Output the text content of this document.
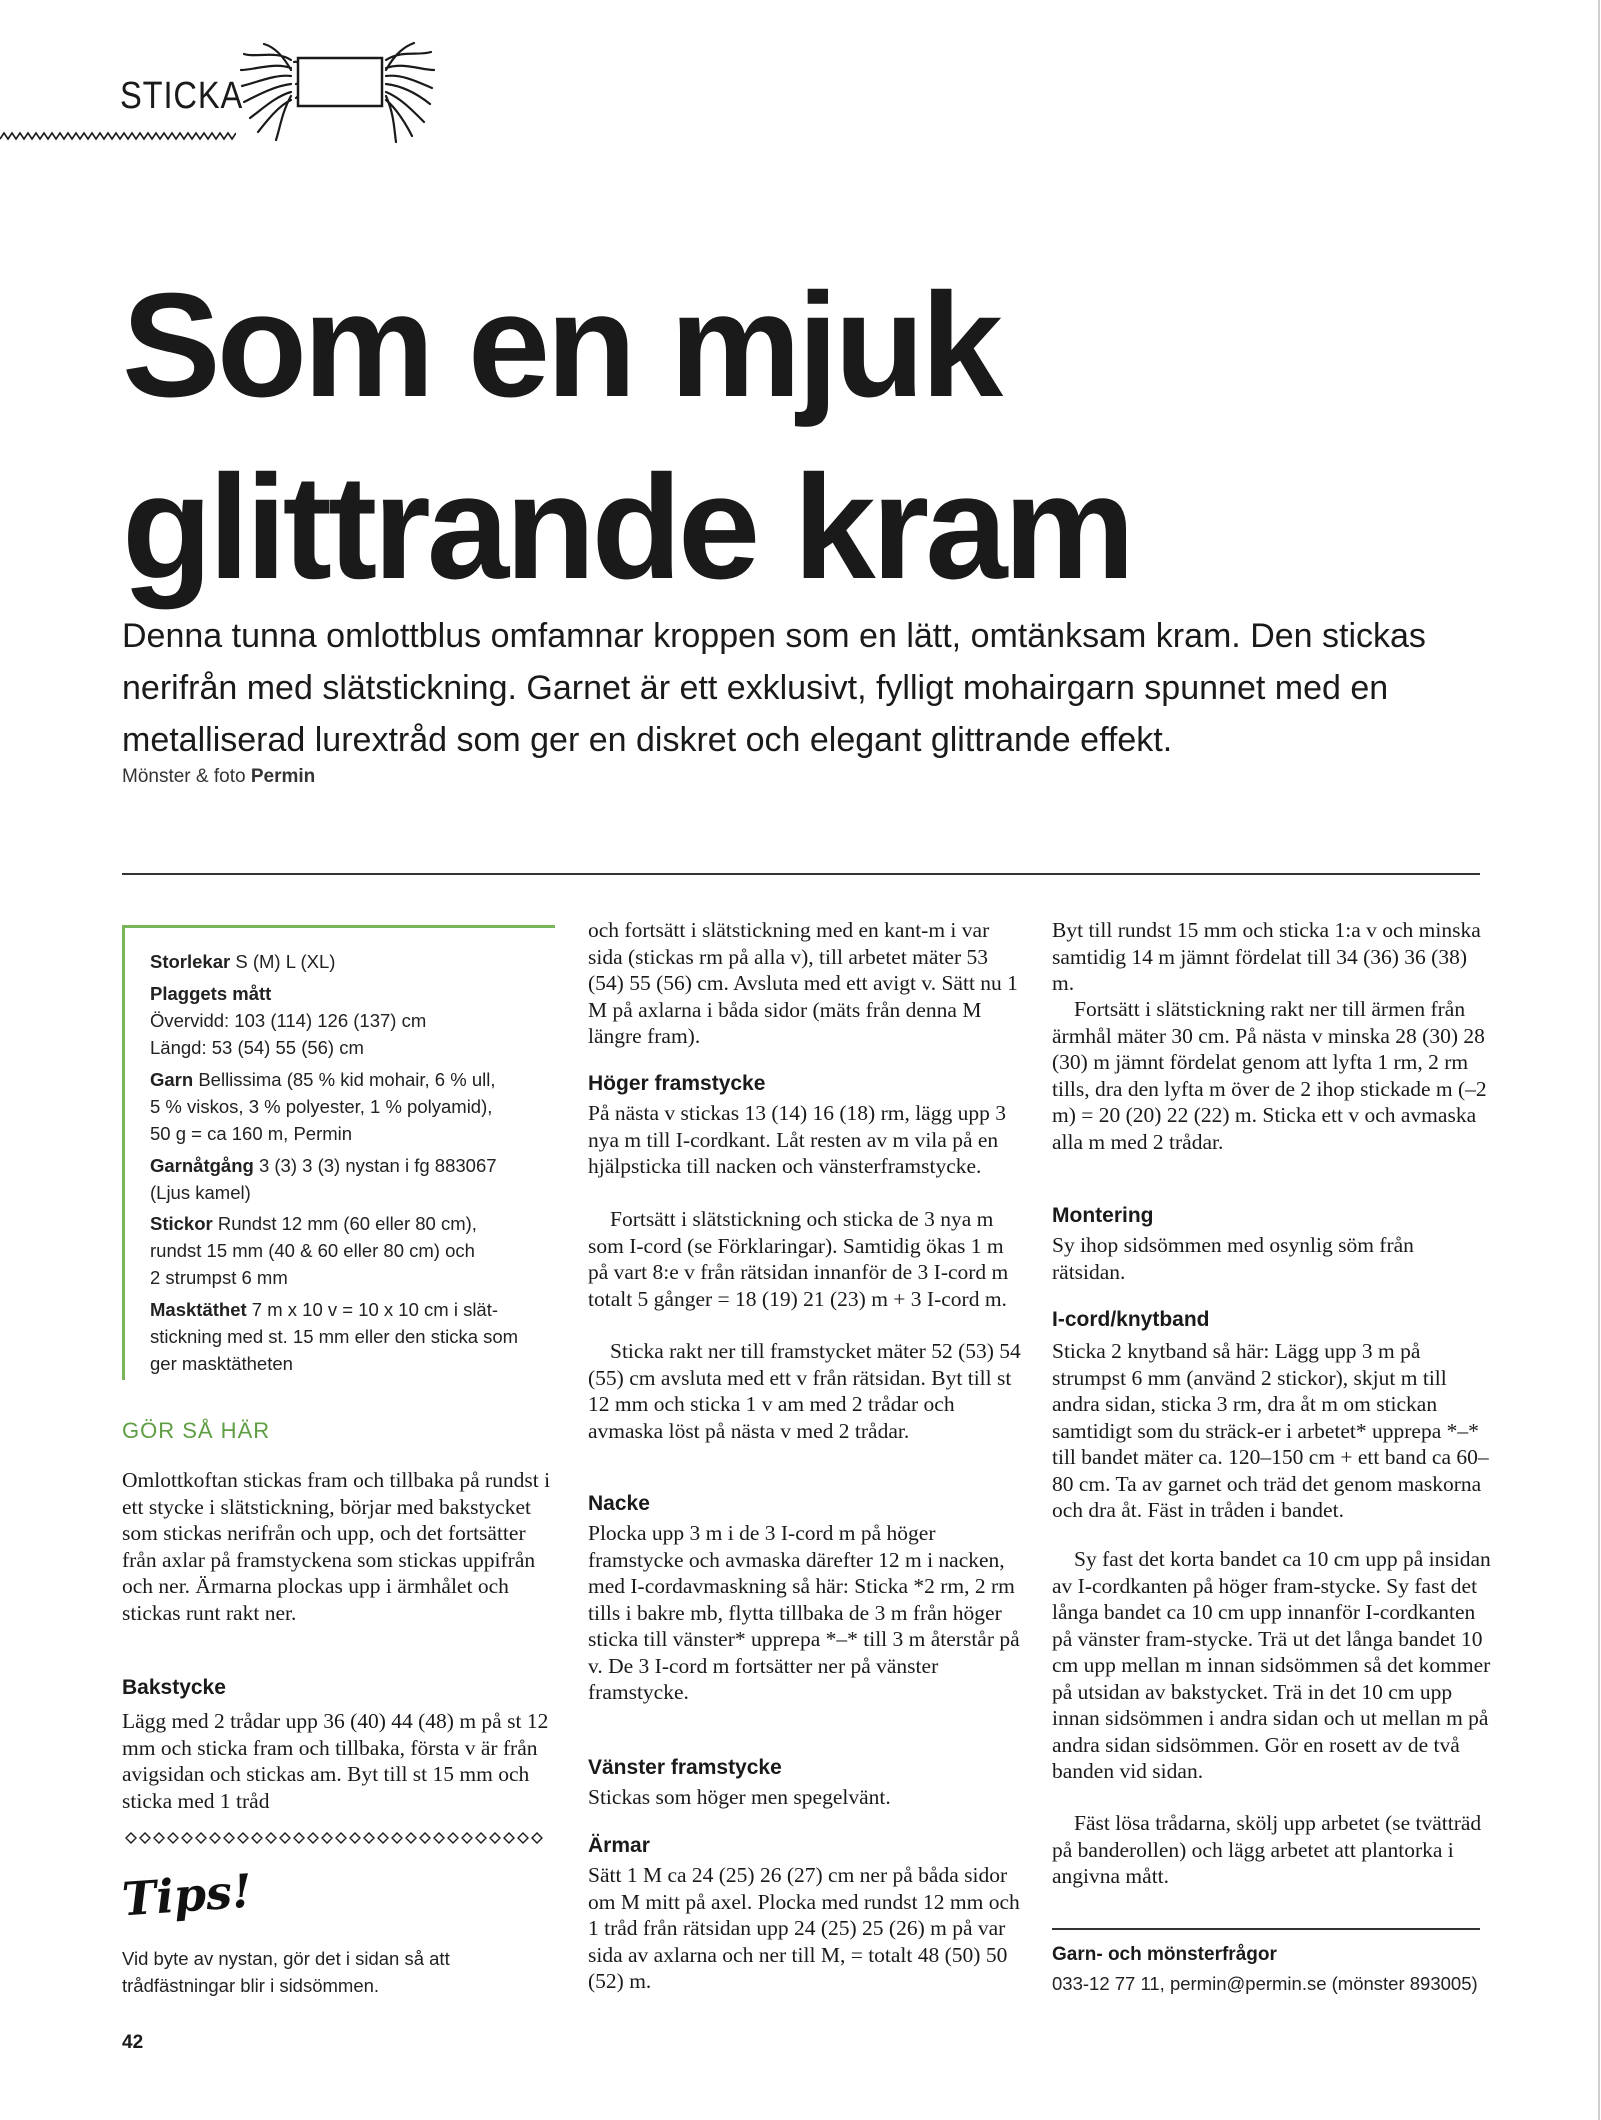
STICKA
Som en mjuk
glittrande kram
Denna tunna omlottblus omfamnar kroppen som en lätt, omtänksam kram. Den stickas nerifrån med slätstickning. Garnet är ett exklusivt, fylligt mohairgarn spunnet med en metalliserad lurextråd som ger en diskret och elegant glittrande effekt.
Mönster & foto Permin
Storlekar S (M) L (XL)
Plaggets mått
Övervidd: 103 (114) 126 (137) cm
Längd: 53 (54) 55 (56) cm
Garn Bellissima (85 % kid mohair, 6 % ull,
5 % viskos, 3 % polyester, 1 % polyamid),
50 g = ca 160 m, Permin
Garnåtgång 3 (3) 3 (3) nystan i fg 883067
(Ljus kamel)
Stickor Rundst 12 mm (60 eller 80 cm),
rundst 15 mm (40 & 60 eller 80 cm) och
2 strumpst 6 mm
Masktäthet 7 m x 10 v = 10 x 10 cm i slät-
stickning med st. 15 mm eller den sticka som
ger masktätheten
GÖR SÅ HÄR

Omlottkoftan stickas fram och tillbaka på rundst i ett stycke i slätstickning, börjar med bakstycket som stickas nerifrån och upp, och det fortsätter från axlar på framstyckena som stickas uppifrån och ner. Ärmarna plockas upp i ärmhålet och stickas runt rakt ner.

Bakstycke

Lägg med 2 trådar upp 36 (40) 44 (48) m på st 12 mm och sticka fram och tillbaka, första v är från avigsidan och stickas am. Byt till st 15 mm och sticka med 1 tråd

Tips!
Vid byte av nystan, gör det i sidan så att trådfästningar blir i sidsömmen.

och fortsätt i slätstickning med en kant-m i var sida (stickas rm på alla v), till arbetet mäter 53 (54) 55 (56) cm. Avsluta med ett avigt v. Sätt nu 1 M på axlarna i båda sidor (mäts från denna M längre fram).

Höger framstycke

På nästa v stickas 13 (14) 16 (18) rm, lägg upp 3 nya m till I-cordkant. Låt resten av m vila på en hjälpsticka till nacken och vänsterframstycke.

Fortsätt i slätstickning och sticka de 3 nya m som I-cord (se Förklaringar). Samtidig ökas 1 m på vart 8:e v från rätsidan innanför de 3 I-cord m totalt 5 gånger = 18 (19) 21 (23) m + 3 I-cord m.

Sticka rakt ner till framstycket mäter 52 (53) 54 (55) cm avsluta med ett v från rätsidan. Byt till st 12 mm och sticka 1 v am med 2 trådar och avmaska löst på nästa v med 2 trådar.

Nacke

Plocka upp 3 m i de 3 I-cord m på höger framstycke och avmaska därefter 12 m i nacken, med I-cordavmaskning så här: Sticka *2 rm, 2 rm tills i bakre mb, flytta tillbaka de 3 m från höger sticka till vänster* upprepa *–* till 3 m återstår på v. De 3 I-cord m fortsätter ner på vänster framstycke.

Vänster framstycke

Stickas som höger men spegelvänt.

Ärmar

Sätt 1 M ca 24 (25) 26 (27) cm ner på båda sidor om M mitt på axel. Plocka med rundst 12 mm och 1 tråd från rätsidan upp 24 (25) 25 (26) m på var sida av axlarna och ner till M, = totalt 48 (50) 50 (52) m.

Byt till rundst 15 mm och sticka 1:a v och minska samtidig 14 m jämnt fördelat till 34 (36) 36 (38) m.

Fortsätt i slätstickning rakt ner till ärmen från ärmhål mäter 30 cm. På nästa v minska 28 (30) 28 (30) m jämnt fördelat genom att lyfta 1 rm, 2 rm tills, dra den lyfta m över de 2 ihop stickade m (–2 m) = 20 (20) 22 (22) m. Sticka ett v och avmaska alla m med 2 trådar.

Montering

Sy ihop sidsömmen med osynlig söm från rätsidan.

I-cord/knytband

Sticka 2 knytband så här: Lägg upp 3 m på strumpst 6 mm (använd 2 stickor), skjut m till andra sidan, sticka 3 rm, dra åt m om stickan samtidigt som du sträck-er i arbetet* upprepa *–* till bandet mäter ca. 120–150 cm + ett band ca 60–80 cm. Ta av garnet och träd det genom maskorna och dra åt. Fäst in tråden i bandet.

Sy fast det korta bandet ca 10 cm upp på insidan av I-cordkanten på höger fram-stycke. Sy fast det långa bandet ca 10 cm upp innanför I-cordkanten på vänster fram-stycke. Trä ut det långa bandet 10 cm upp mellan m innan sidsömmen så det kommer på utsidan av bakstycket. Trä in det 10 cm upp innan sidsömmen i andra sidan och ut mellan m på andra sidan sidsömmen. Gör en rosett av de två banden vid sidan.

Fäst lösa trådarna, skölj upp arbetet (se tvätträd på banderollen) och lägg arbetet att plantorka i angivna mått.

Garn- och mönsterfrågor
033-12 77 11, permin@permin.se (mönster 893005)
42
